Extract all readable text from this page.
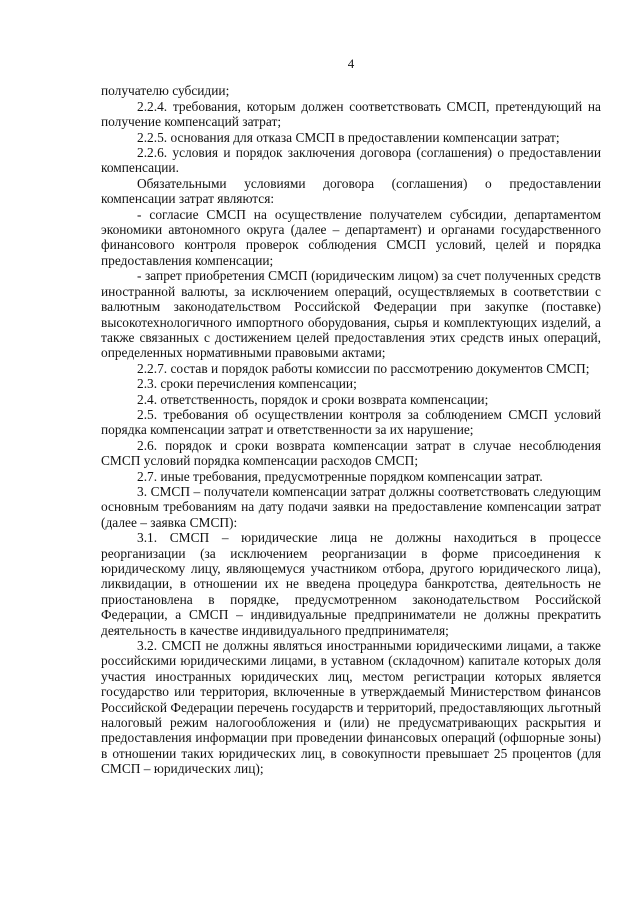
4

получателю субсидии;

2.2.4. требования, которым должен соответствовать СМСП, претендующий на получение компенсаций затрат;

2.2.5. основания для отказа СМСП в предоставлении компенсации затрат;

2.2.6. условия и порядок заключения договора (соглашения) о предоставлении компенсации.

Обязательными условиями договора (соглашения) о предоставлении компенсации затрат являются:

- согласие СМСП на осуществление получателем субсидии, департаментом экономики автономного округа (далее – департамент) и органами государственного финансового контроля проверок соблюдения СМСП условий, целей и порядка предоставления компенсации;

- запрет приобретения СМСП (юридическим лицом) за счет полученных средств иностранной валюты, за исключением операций, осуществляемых в соответствии с валютным законодательством Российской Федерации при закупке (поставке) высокотехнологичного импортного оборудования, сырья и комплектующих изделий, а также связанных с достижением целей предоставления этих средств иных операций, определенных нормативными правовыми актами;

2.2.7. состав и порядок работы комиссии по рассмотрению документов СМСП;

2.3. сроки перечисления компенсации;

2.4. ответственность, порядок и сроки возврата компенсации;

2.5. требования об осуществлении контроля за соблюдением СМСП условий порядка компенсации затрат и ответственности за их нарушение;

2.6. порядок и сроки возврата компенсации затрат в случае несоблюдения СМСП условий порядка компенсации расходов СМСП;

2.7. иные требования, предусмотренные порядком компенсации затрат.

3. СМСП – получатели компенсации затрат должны соответствовать следующим основным требованиям на дату подачи заявки на предоставление компенсации затрат (далее – заявка СМСП):

3.1. СМСП – юридические лица не должны находиться в процессе реорганизации (за исключением реорганизации в форме присоединения к юридическому лицу, являющемуся участником отбора, другого юридического лица), ликвидации, в отношении их не введена процедура банкротства, деятельность не приостановлена в порядке, предусмотренном законодательством Российской Федерации, а СМСП – индивидуальные предприниматели не должны прекратить деятельность в качестве индивидуального предпринимателя;

3.2. СМСП не должны являться иностранными юридическими лицами, а также российскими юридическими лицами, в уставном (складочном) капитале которых доля участия иностранных юридических лиц, местом регистрации которых является государство или территория, включенные в утверждаемый Министерством финансов Российской Федерации перечень государств и территорий, предоставляющих льготный налоговый режим налогообложения и (или) не предусматривающих раскрытия и предоставления информации при проведении финансовых операций (офшорные зоны) в отношении таких юридических лиц, в совокупности превышает 25 процентов (для СМСП – юридических лиц);
